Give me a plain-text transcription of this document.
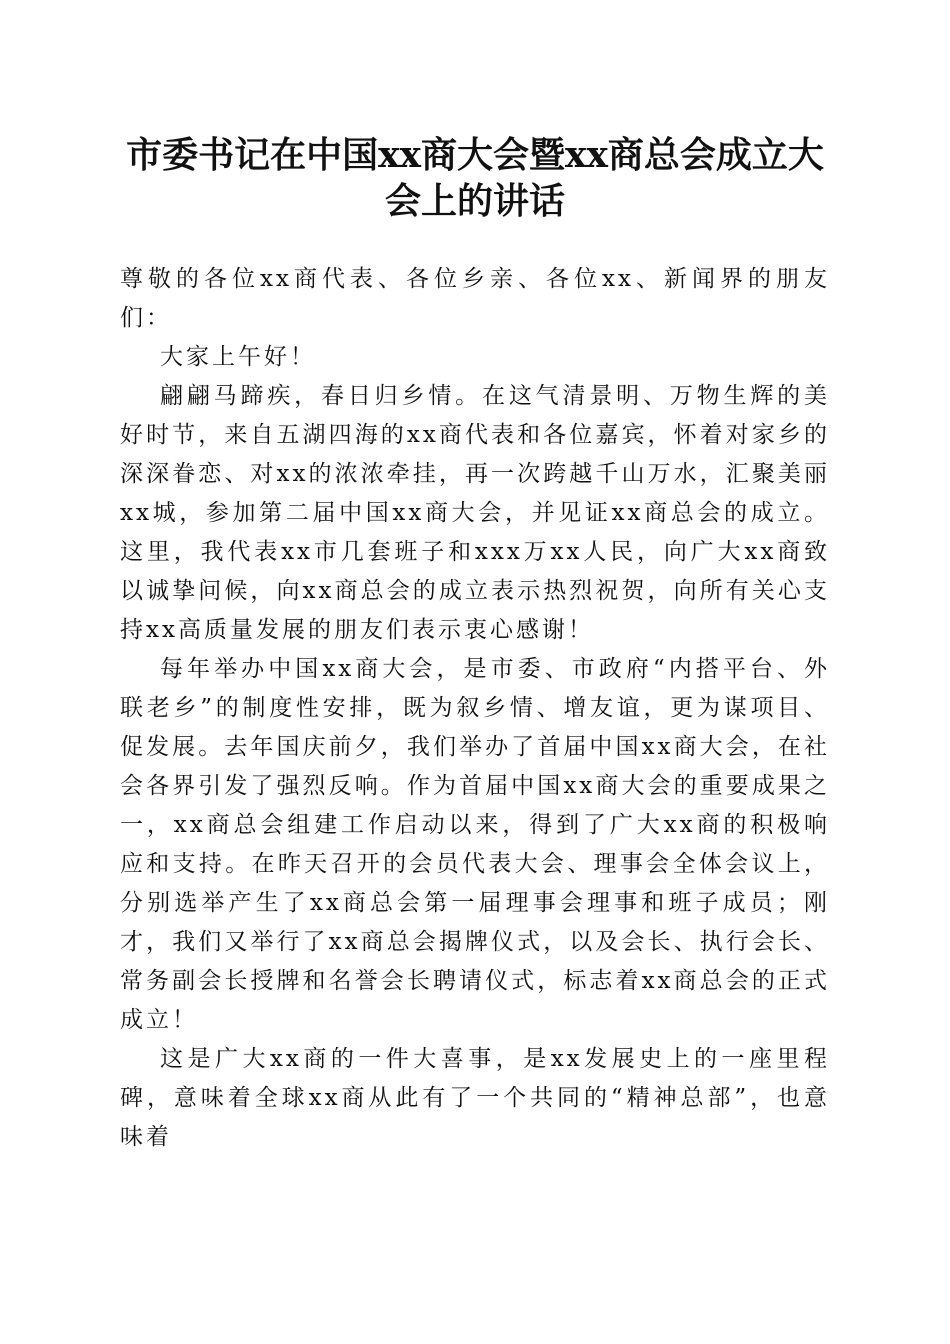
市委书记在中国xx商大会暨xx商总会成立大会上的讲话

尊敬的各位xx商代表、各位乡亲、各位xx、新闻界的朋友们：

大家上午好！

翩翩马蹄疾，春日归乡情。在这气清景明、万物生辉的美好时节，来自五湖四海的xx商代表和各位嘉宾，怀着对家乡的深深眷恋、对xx的浓浓牵挂，再一次跨越千山万水，汇聚美丽xx城，参加第二届中国xx商大会，并见证xx商总会的成立。这里，我代表xx市几套班子和xxx万xx人民，向广大xx商致以诚挚问候，向xx商总会的成立表示热烈祝贺，向所有关心支持xx高质量发展的朋友们表示衷心感谢！

每年举办中国xx商大会，是市委、市政府“内搭平台、外联老乡”的制度性安排，既为叙乡情、增友谊，更为谋项目、促发展。去年国庆前夕，我们举办了首届中国xx商大会，在社会各界引发了强烈反响。作为首届中国xx商大会的重要成果之一，xx商总会组建工作启动以来，得到了广大xx商的积极响应和支持。在昨天召开的会员代表大会、理事会全体会议上，分别选举产生了xx商总会第一届理事会理事和班子成员；刚才，我们又举行了xx商总会揭牌仪式，以及会长、执行会长、常务副会长授牌和名誉会长聘请仪式，标志着xx商总会的正式成立！

这是广大xx商的一件大喜事，是xx发展史上的一座里程碑，意味着全球xx商从此有了一个共同的“精神总部”，也意味着
